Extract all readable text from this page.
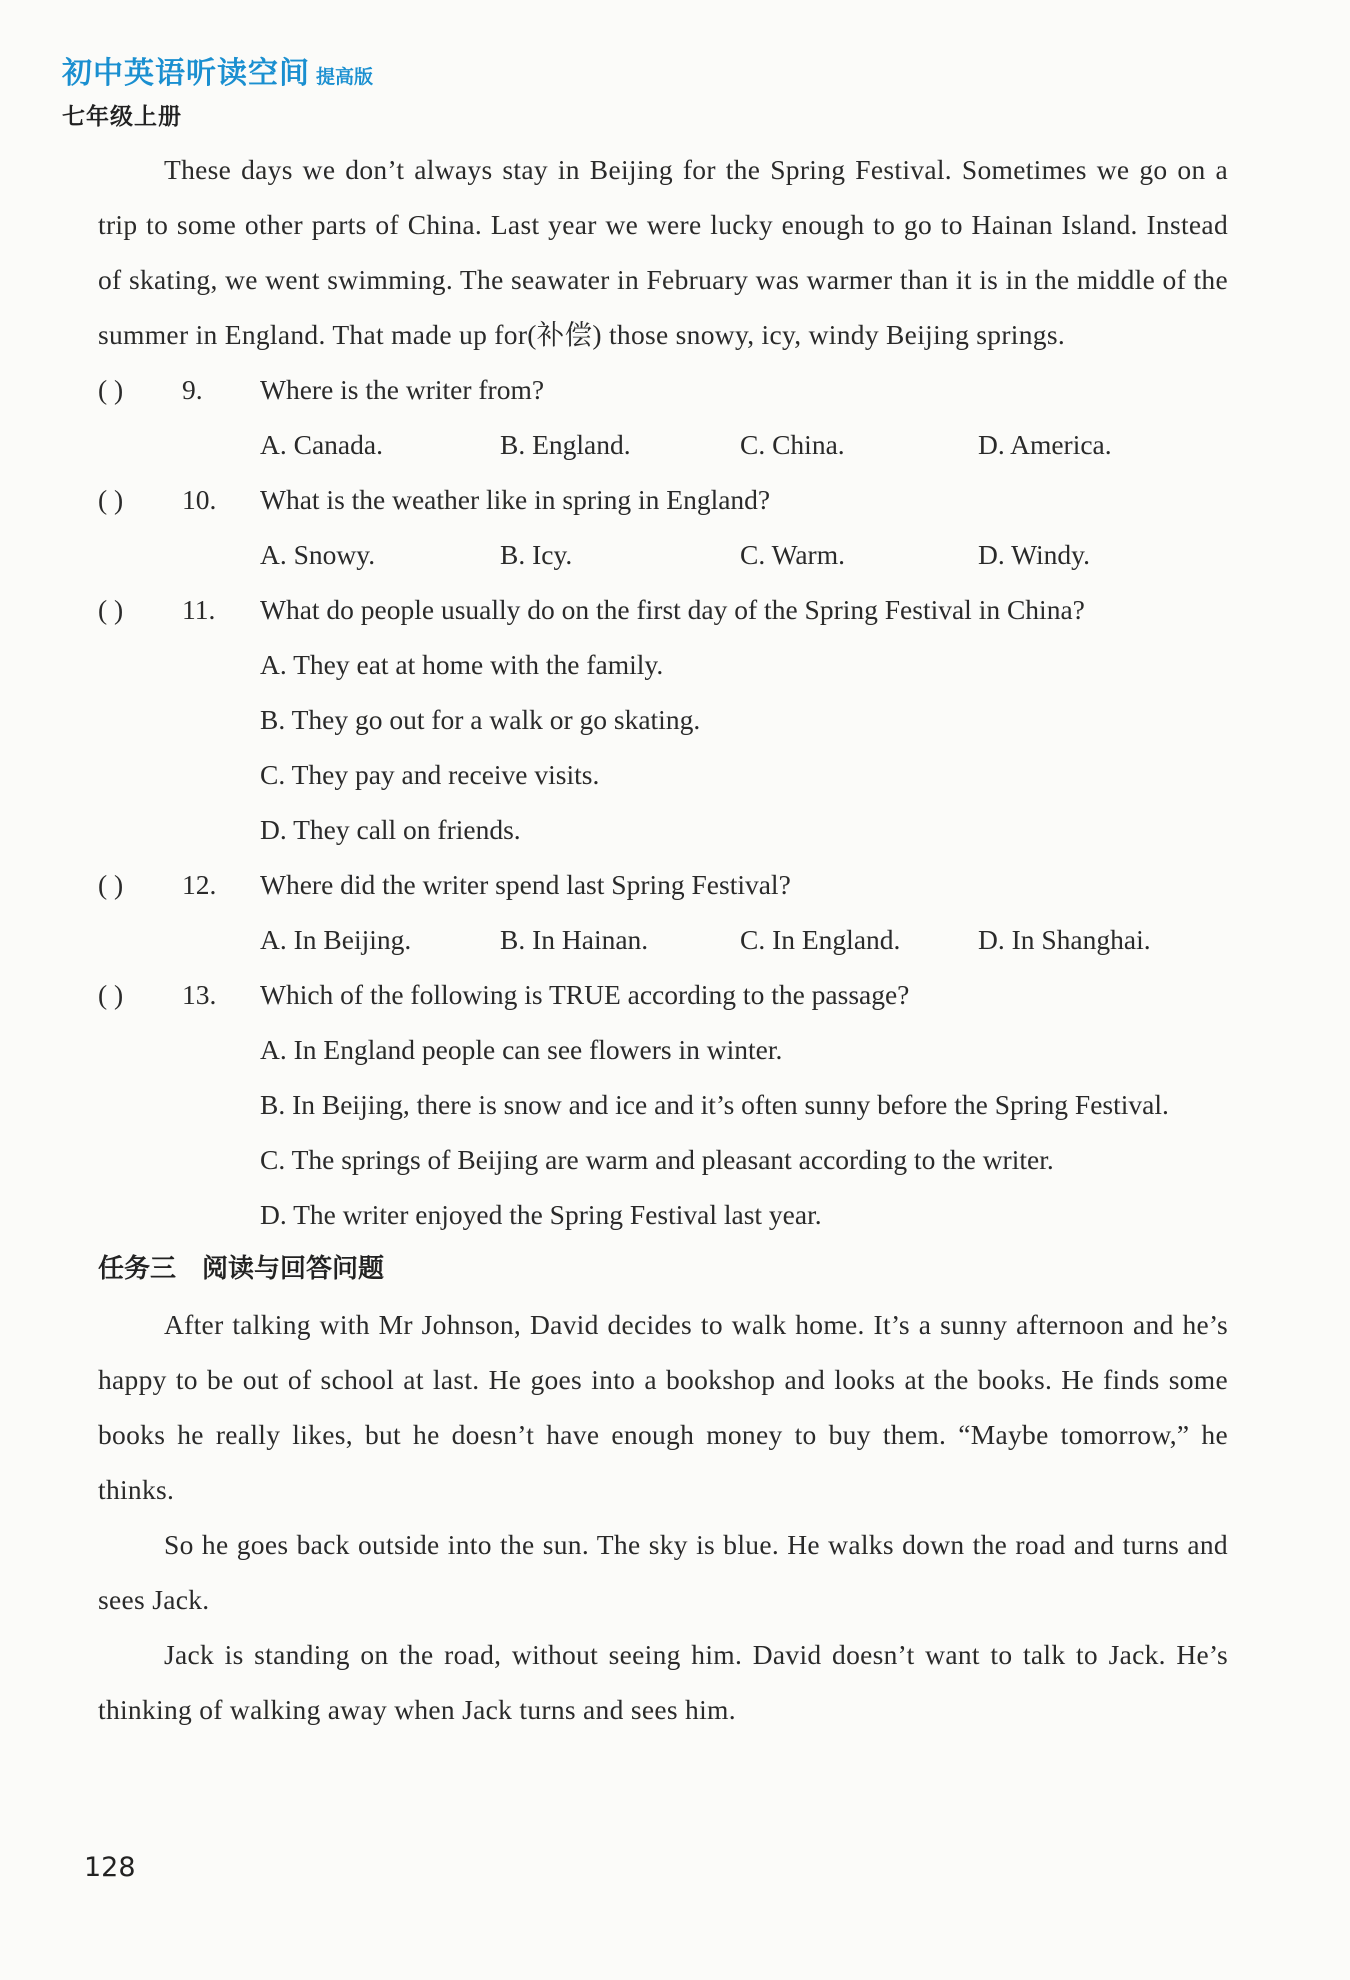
初中英语听读空间 提高版
七年级上册

These days we don’t always stay in Beijing for the Spring Festival. Sometimes we go on a trip to some other parts of China. Last year we were lucky enough to go to Hainan Island. Instead of skating, we went swimming. The seawater in February was warmer than it is in the middle of the summer in England. That made up for(补偿) those snowy, icy, windy Beijing springs.

( ) 9. Where is the writer from?
A. Canada.	B. England.	C. China.	D. America.
( ) 10. What is the weather like in spring in England?
A. Snowy.	B. Icy.	C. Warm.	D. Windy.
( ) 11. What do people usually do on the first day of the Spring Festival in China?
A. They eat at home with the family.
B. They go out for a walk or go skating.
C. They pay and receive visits.
D. They call on friends.
( ) 12. Where did the writer spend last Spring Festival?
A. In Beijing.	B. In Hainan.	C. In England.	D. In Shanghai.
( ) 13. Which of the following is TRUE according to the passage?
A. In England people can see flowers in winter.
B. In Beijing, there is snow and ice and it’s often sunny before the Spring Festival.
C. The springs of Beijing are warm and pleasant according to the writer.
D. The writer enjoyed the Spring Festival last year.
任务三　阅读与回答问题

After talking with Mr Johnson, David decides to walk home. It’s a sunny afternoon and he’s happy to be out of school at last. He goes into a bookshop and looks at the books. He finds some books he really likes, but he doesn’t have enough money to buy them. “Maybe tomorrow,” he thinks.

So he goes back outside into the sun. The sky is blue. He walks down the road and turns and sees Jack.

Jack is standing on the road, without seeing him. David doesn’t want to talk to Jack. He’s thinking of walking away when Jack turns and sees him.

128
